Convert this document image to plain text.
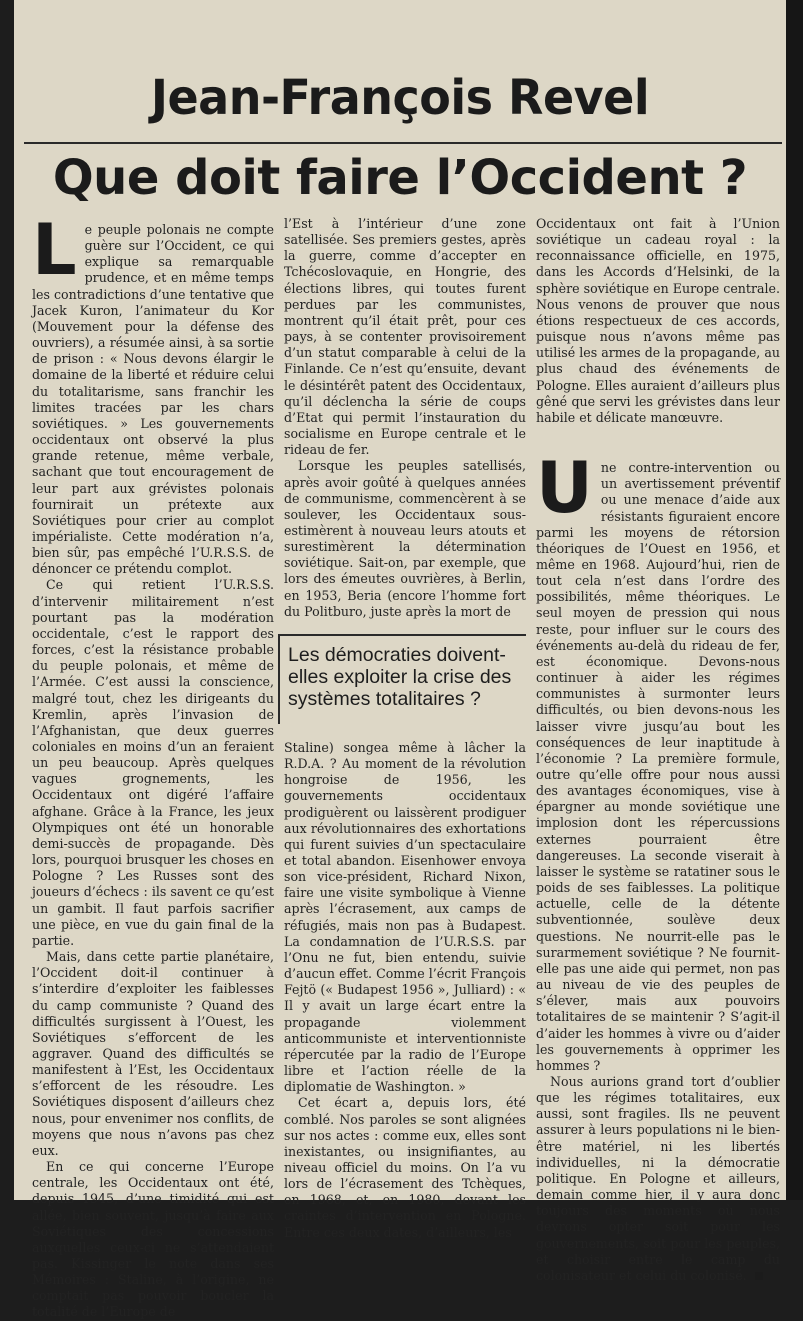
Jean-François Revel
Que doit faire l’Occident ?

Le peuple polonais ne compte guère sur l’Occident, ce qui explique sa remarquable prudence, et en même temps les contradictions d’une tentative que Jacek Kuron, l’animateur du Kor (Mouvement pour la défense des ouvriers), a résumée ainsi, à sa sortie de prison : « Nous devons élargir le domaine de la liberté et réduire celui du totalitarisme, sans franchir les limites tracées par les chars soviétiques. » Les gouvernements occidentaux ont observé la plus grande retenue, même verbale, sachant que tout encouragement de leur part aux grévistes polonais fournirait un prétexte aux Soviétiques pour crier au complot impérialiste. Cette modération n’a, bien sûr, pas empêché l’U.R.S.S. de dénoncer ce prétendu complot.

Ce qui retient l’U.R.S.S. d’intervenir militairement n’est pourtant pas la modération occidentale, c’est le rapport des forces, c’est la résistance probable du peuple polonais, et même de l’Armée. C’est aussi la conscience, malgré tout, chez les dirigeants du Kremlin, après l’invasion de l’Afghanistan, que deux guerres coloniales en moins d’un an feraient un peu beaucoup. Après quelques vagues grognements, les Occidentaux ont digéré l’affaire afghane. Grâce à la France, les jeux Olympiques ont été un honorable demi-succès de propagande. Dès lors, pourquoi brusquer les choses en Pologne ? Les Russes sont des joueurs d’échecs : ils savent ce qu’est un gambit. Il faut parfois sacrifier une pièce, en vue du gain final de la partie.

Mais, dans cette partie planétaire, l’Occident doit-il continuer à s’interdire d’exploiter les faiblesses du camp communiste ? Quand des difficultés surgissent à l’Ouest, les Soviétiques s’efforcent de les aggraver. Quand des difficultés se manifestent à l’Est, les Occidentaux s’efforcent de les résoudre. Les Soviétiques disposent d’ailleurs chez nous, pour envenimer nos conflits, de moyens que nous n’avons pas chez eux.

En ce qui concerne l’Europe centrale, les Occidentaux ont été, depuis 1945, d’une timidité qui est allée, bien souvent, jusqu’à faire aux Soviétiques des concessions auxquelles ceux-ci ne s’attendaient pas. Kissinger le note dans ses Mémoires : Staline, à l’origine, ne comptait pas pouvoir boucler la totalité de l’Europe de

l’Est à l’intérieur d’une zone satellisée. Ses premiers gestes, après la guerre, comme d’accepter en Tchécoslovaquie, en Hongrie, des élections libres, qui toutes furent perdues par les communistes, montrent qu’il était prêt, pour ces pays, à se contenter provisoirement d’un statut comparable à celui de la Finlande. Ce n’est qu’ensuite, devant le désintérêt patent des Occidentaux, qu’il déclencha la série de coups d’Etat qui permit l’instauration du socialisme en Europe centrale et le rideau de fer.

Lorsque les peuples satellisés, après avoir goûté à quelques années de communisme, commencèrent à se soulever, les Occidentaux sous-estimèrent à nouveau leurs atouts et surestimèrent la détermination soviétique. Sait-on, par exemple, que lors des émeutes ouvrières, à Berlin, en 1953, Beria (encore l’homme fort du Politburo, juste après la mort de

Les démocraties doivent-elles exploiter la crise des systèmes totalitaires ?

Staline) songea même à lâcher la R.D.A. ? Au moment de la révolution hongroise de 1956, les gouvernements occidentaux prodiguèrent ou laissèrent prodiguer aux révolutionnaires des exhortations qui furent suivies d’un spectaculaire et total abandon. Eisenhower envoya son vice-président, Richard Nixon, faire une visite symbolique à Vienne après l’écrasement, aux camps de réfugiés, mais non pas à Budapest. La condamnation de l’U.R.S.S. par l’Onu ne fut, bien entendu, suivie d’aucun effet. Comme l’écrit François Fejtö (« Budapest 1956 », Julliard) : « Il y avait un large écart entre la propagande violemment anticommuniste et interventionniste répercutée par la radio de l’Europe libre et l’action réelle de la diplomatie de Washington. »

Cet écart a, depuis lors, été comblé. Nos paroles se sont alignées sur nos actes : comme eux, elles sont inexistantes, ou insignifiantes, au niveau officiel du moins. On l’a vu lors de l’écrasement des Tchèques, en 1968, et, en 1980, devant les craintes d’intervention en Pologne. Entre ces deux dates, d’ailleurs, les

Occidentaux ont fait à l’Union soviétique un cadeau royal : la reconnaissance officielle, en 1975, dans les Accords d’Helsinki, de la sphère soviétique en Europe centrale. Nous venons de prouver que nous étions respectueux de ces accords, puisque nous n’avons même pas utilisé les armes de la propagande, au plus chaud des événements de Pologne. Elles auraient d’ailleurs plus gêné que servi les grévistes dans leur habile et délicate manœuvre.

Une contre-intervention ou un avertissement préventif ou une menace d’aide aux résistants figuraient encore parmi les moyens de rétorsion théoriques de l’Ouest en 1956, et même en 1968. Aujourd’hui, rien de tout cela n’est dans l’ordre des possibilités, même théoriques. Le seul moyen de pression qui nous reste, pour influer sur le cours des événements au-delà du rideau de fer, est économique. Devons-nous continuer à aider les régimes communistes à surmonter leurs difficultés, ou bien devons-nous les laisser vivre jusqu’au bout les conséquences de leur inaptitude à l’économie ? La première formule, outre qu’elle offre pour nous aussi des avantages économiques, vise à épargner au monde soviétique une implosion dont les répercussions externes pourraient être dangereuses. La seconde viserait à laisser le système se ratatiner sous le poids de ses faiblesses. La politique actuelle, celle de la détente subventionnée, soulève deux questions. Ne nourrit-elle pas le surarmement soviétique ? Ne fournit-elle pas une aide qui permet, non pas au niveau de vie des peuples de s’élever, mais aux pouvoirs totalitaires de se maintenir ? S’agit-il d’aider les hommes à vivre ou d’aider les gouvernements à opprimer les hommes ?

Nous aurions grand tort d’oublier que les régimes totalitaires, eux aussi, sont fragiles. Ils ne peuvent assurer à leurs populations ni le bien-être matériel, ni les libertés individuelles, ni la démocratie politique. En Pologne et ailleurs, demain comme hier, il y aura donc toujours des moments où nous devrons opter soit pour les gouvernements, soit pour les peuples, et choisir entre le camp du colonisateur et celui du colonisé.
